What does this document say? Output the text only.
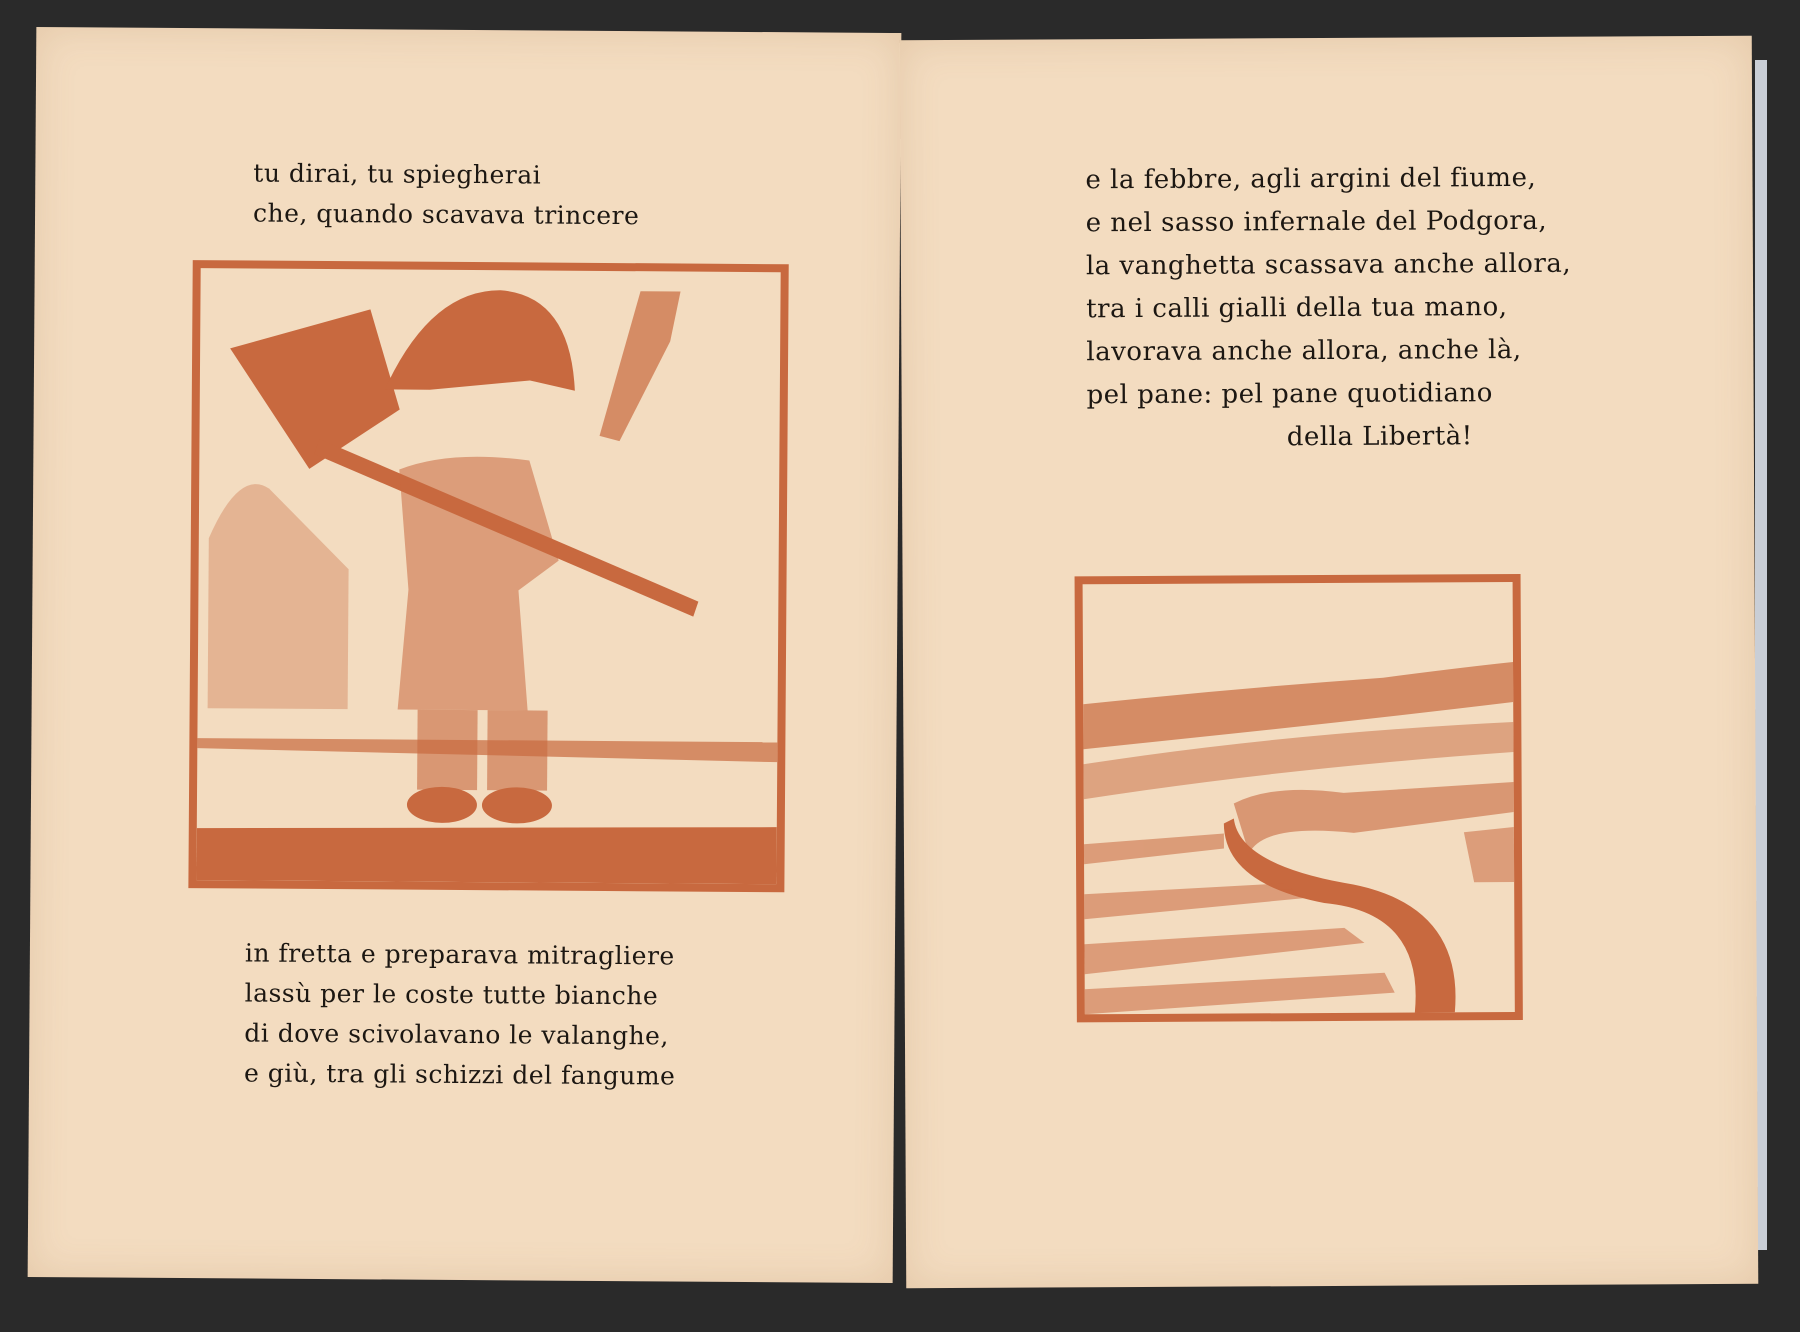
tu dirai, tu spiegherai
che, quando scavava trincere
in fretta e preparava mitragliere
lassù per le coste tutte bianche
di dove scivolavano le valanghe,
e giù, tra gli schizzi del fangume
e la febbre, agli argini del fiume,
e nel sasso infernale del Podgora,
la vanghetta scassava anche allora,
tra i calli gialli della tua mano,
lavorava anche allora, anche là,
pel pane: pel pane quotidiano
della Libertà!
